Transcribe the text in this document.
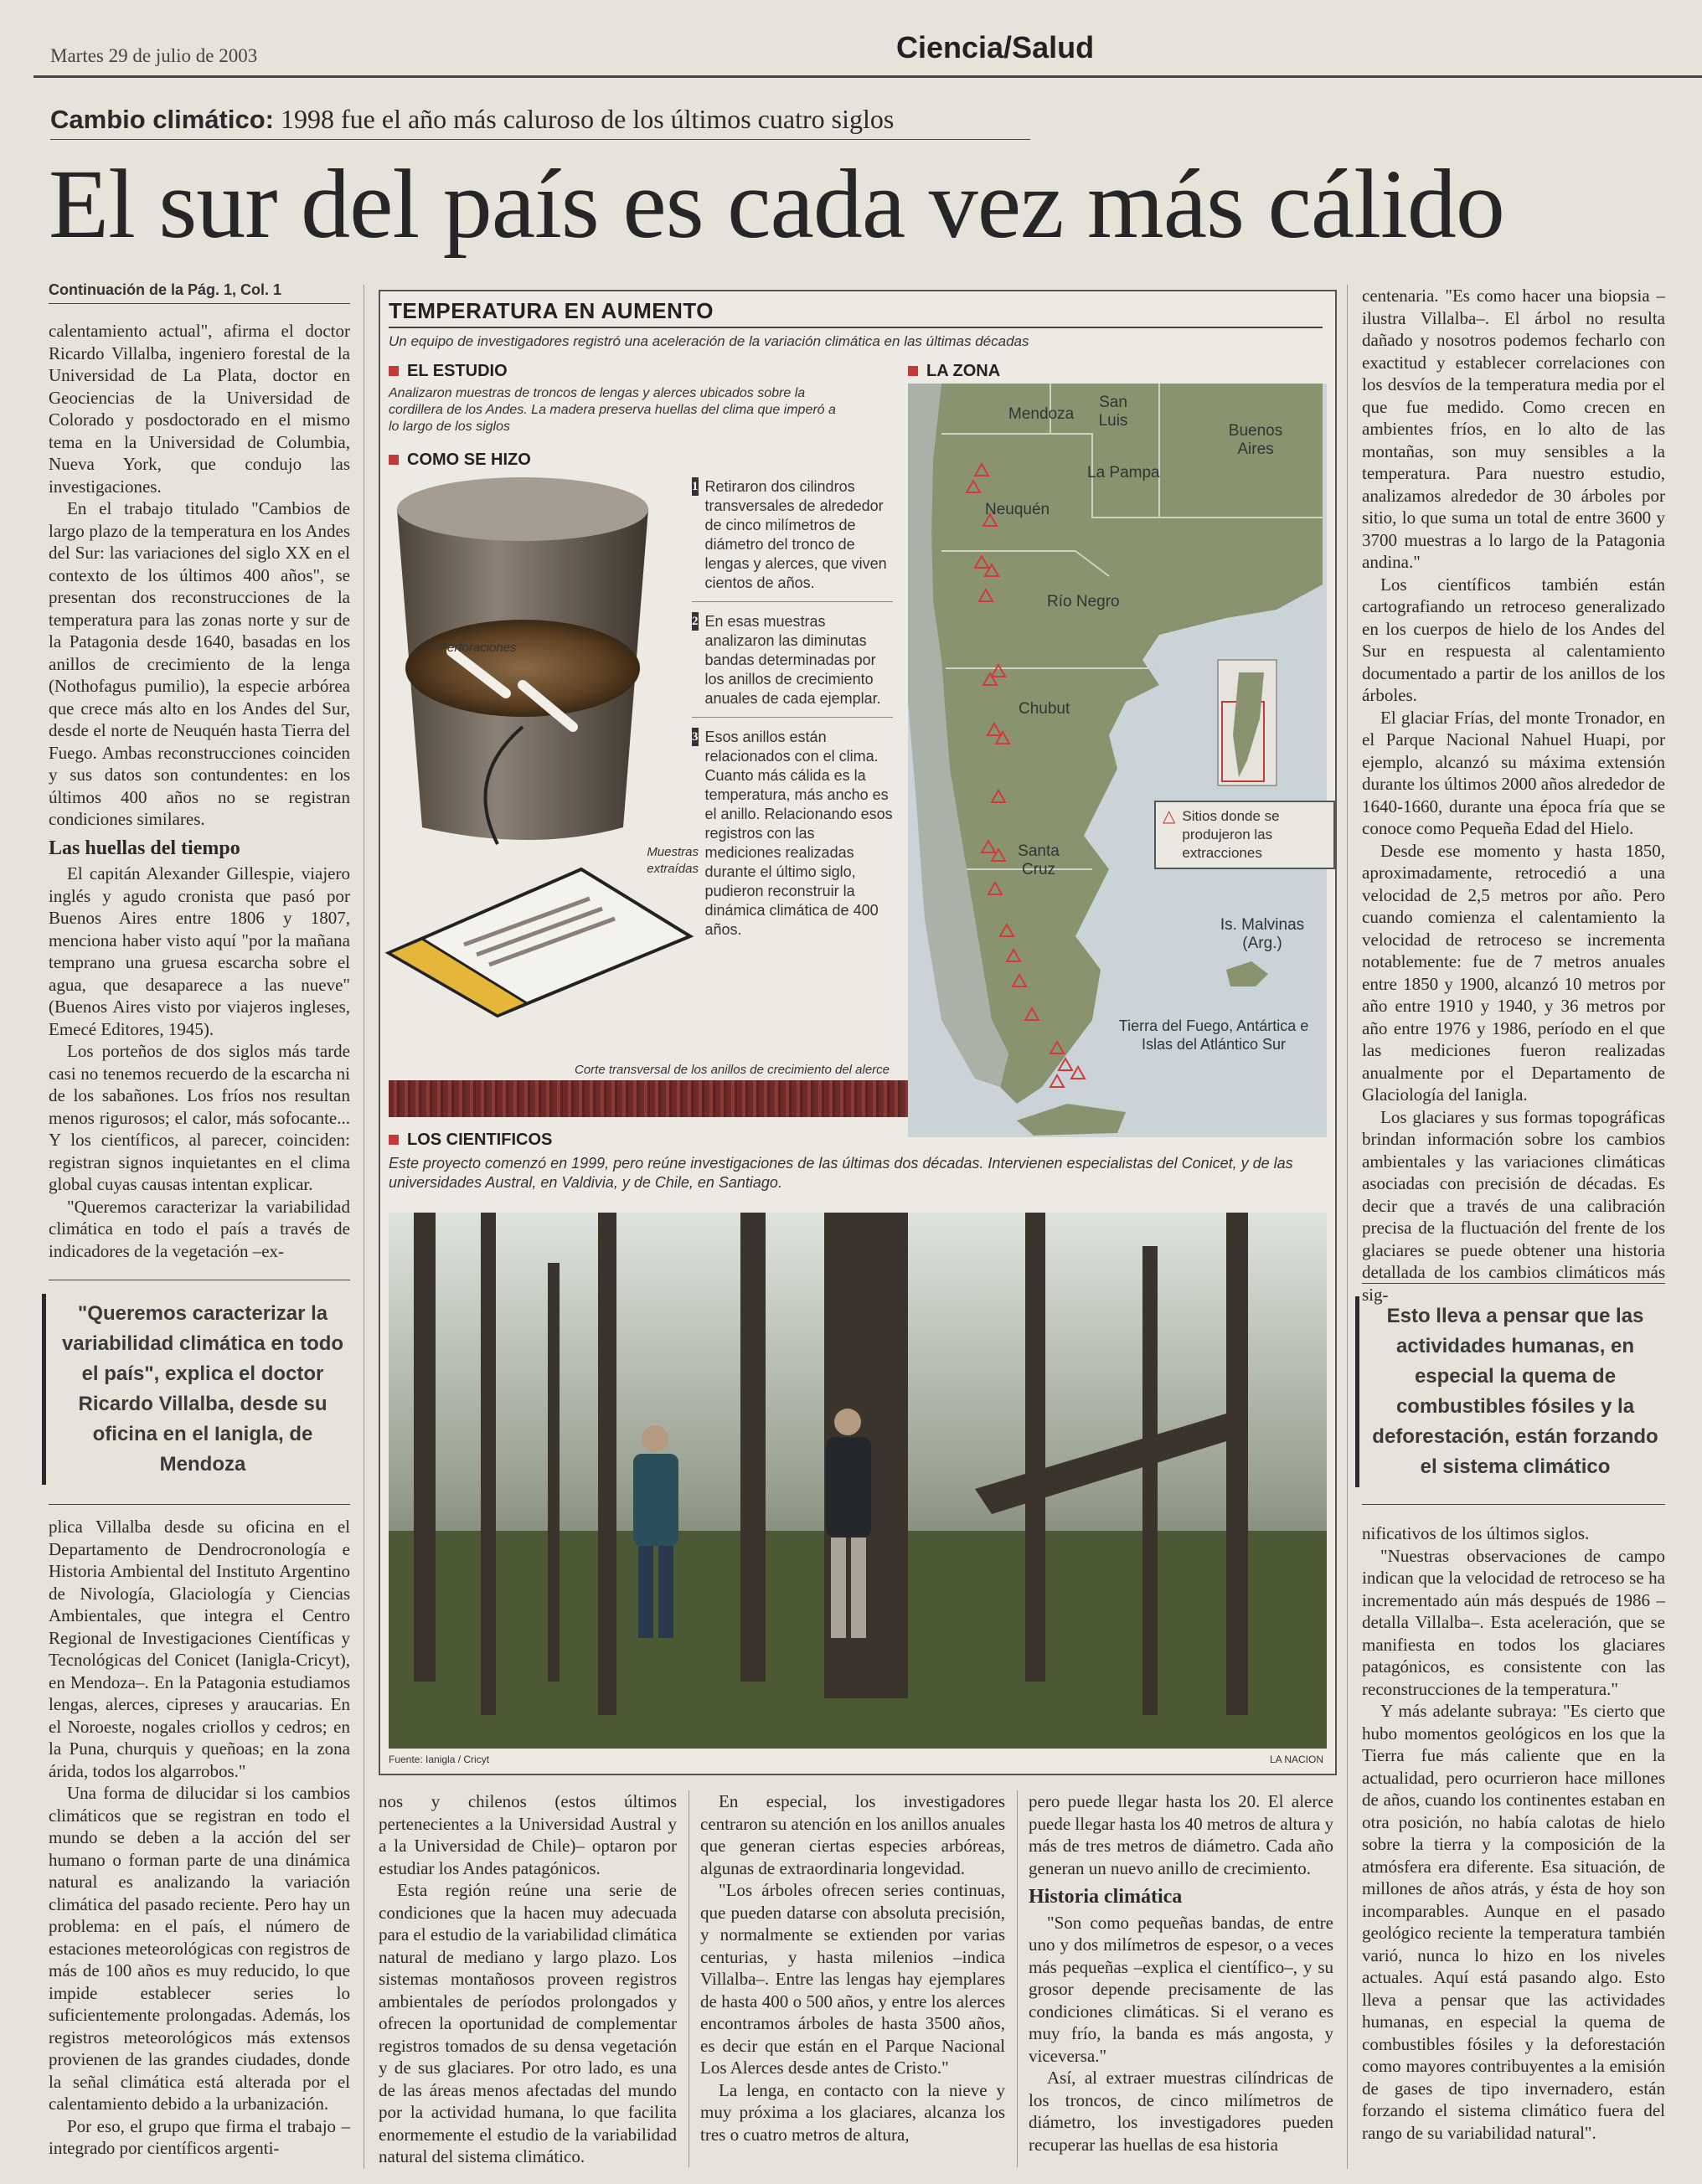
Martes 29 de julio de 2003	Ciencia/Salud
Cambio climático: 1998 fue el año más caluroso de los últimos cuatro siglos
El sur del país es cada vez más cálido
Continuación de la Pág. 1, Col. 1

calentamiento actual", afirma el doctor Ricardo Villalba, ingeniero forestal de la Universidad de La Plata, doctor en Geociencias de la Universidad de Colorado y posdoctorado en el mismo tema en la Universidad de Columbia, Nueva York, que condujo las investigaciones.

En el trabajo titulado "Cambios de largo plazo de la temperatura en los Andes del Sur: las variaciones del siglo XX en el contexto de los últimos 400 años", se presentan dos reconstrucciones de la temperatura para las zonas norte y sur de la Patagonia desde 1640, basadas en los anillos de crecimiento de la lenga (Nothofagus pumilio), la especie arbórea que crece más alto en los Andes del Sur, desde el norte de Neuquén hasta Tierra del Fuego. Ambas reconstrucciones coinciden y sus datos son contundentes: en los últimos 400 años no se registran condiciones similares.

Las huellas del tiempo

El capitán Alexander Gillespie, viajero inglés y agudo cronista que pasó por Buenos Aires entre 1806 y 1807, menciona haber visto aquí "por la mañana temprano una gruesa escarcha sobre el agua, que desaparece a las nueve" (Buenos Aires visto por viajeros ingleses, Emecé Editores, 1945).

Los porteños de dos siglos más tarde casi no tenemos recuerdo de la escarcha ni de los sabañones. Los fríos nos resultan menos rigurosos; el calor, más sofocante... Y los científicos, al parecer, coinciden: registran signos inquietantes en el clima global cuyas causas intentan explicar.

"Queremos caracterizar la variabilidad climática en todo el país a través de indicadores de la vegetación –ex-

"Queremos caracterizar la variabilidad climática en todo el país", explica el doctor Ricardo Villalba, desde su oficina en el Ianigla, de Mendoza

plica Villalba desde su oficina en el Departamento de Dendrocronología e Historia Ambiental del Instituto Argentino de Nivología, Glaciología y Ciencias Ambientales, que integra el Centro Regional de Investigaciones Científicas y Tecnológicas del Conicet (Ianigla-Cricyt), en Mendoza–. En la Patagonia estudiamos lengas, alerces, cipreses y araucarias. En el Noroeste, nogales criollos y cedros; en la Puna, churquis y queñoas; en la zona árida, todos los algarrobos."

Una forma de dilucidar si los cambios climáticos que se registran en todo el mundo se deben a la acción del ser humano o forman parte de una dinámica natural es analizando la variación climática del pasado reciente. Pero hay un problema: en el país, el número de estaciones meteorológicas con registros de más de 100 años es muy reducido, lo que impide establecer series lo suficientemente prolongadas. Además, los registros meteorológicos más extensos provienen de las grandes ciudades, donde la señal climática está alterada por el calentamiento debido a la urbanización.

Por eso, el grupo que firma el trabajo –integrado por científicos argenti-

TEMPERATURA EN AUMENTO
Un equipo de investigadores registró una aceleración de la variación climática en las últimas décadas
EL ESTUDIO
Analizaron muestras de troncos de lengas y alerces ubicados sobre la cordillera de los Andes. La madera preserva huellas del clima que imperó a lo largo de los siglos
COMO SE HIZO
Perforaciones
Muestras extraídas
Corte transversal de los anillos de crecimiento del alerce
1 Retiraron dos cilindros transversales de alrededor de cinco milímetros de diámetro del tronco de lengas y alerces, que viven cientos de años.
2 En esas muestras analizaron las diminutas bandas determinadas por los anillos de crecimiento anuales de cada ejemplar.
3 Esos anillos están relacionados con el clima. Cuanto más cálida es la temperatura, más ancho es el anillo. Relacionando esos registros con las mediciones realizadas durante el último siglo, pudieron reconstruir la dinámica climática de 400 años.
LA ZONA
Mendoza
San Luis
Buenos Aires
La Pampa
Neuquén
Río Negro
Chubut
Santa Cruz
Is. Malvinas (Arg.)
Tierra del Fuego, Antártica e Islas del Atlántico Sur
△ Sitios donde se produjeron las extracciones
LOS CIENTIFICOS
Este proyecto comenzó en 1999, pero reúne investigaciones de las últimas dos décadas. Intervienen especialistas del Conicet, y de las universidades Austral, en Valdivia, y de Chile, en Santiago.
Fuente: Ianigla / Cricyt	LA NACION

centenaria. "Es como hacer una biopsia –ilustra Villalba–. El árbol no resulta dañado y nosotros podemos fecharlo con exactitud y establecer correlaciones con los desvíos de la temperatura media por el que fue medido. Como crecen en ambientes fríos, en lo alto de las montañas, son muy sensibles a la temperatura. Para nuestro estudio, analizamos alrededor de 30 árboles por sitio, lo que suma un total de entre 3600 y 3700 muestras a lo largo de la Patagonia andina."

Los científicos también están cartografiando un retroceso generalizado en los cuerpos de hielo de los Andes del Sur en respuesta al calentamiento documentado a partir de los anillos de los árboles.

El glaciar Frías, del monte Tronador, en el Parque Nacional Nahuel Huapi, por ejemplo, alcanzó su máxima extensión durante los últimos 2000 años alrededor de 1640-1660, durante una época fría que se conoce como Pequeña Edad del Hielo.

Desde ese momento y hasta 1850, aproximadamente, retrocedió a una velocidad de 2,5 metros por año. Pero cuando comienza el calentamiento la velocidad de retroceso se incrementa notablemente: fue de 7 metros anuales entre 1850 y 1900, alcanzó 10 metros por año entre 1910 y 1940, y 36 metros por año entre 1976 y 1986, período en el que las mediciones fueron realizadas anualmente por el Departamento de Glaciología del Ianigla.

Los glaciares y sus formas topográficas brindan información sobre los cambios ambientales y las variaciones climáticas asociadas con precisión de décadas. Es decir que a través de una calibración precisa de la fluctuación del frente de los glaciares se puede obtener una historia detallada de los cambios climáticos más sig-

Esto lleva a pensar que las actividades humanas, en especial la quema de combustibles fósiles y la deforestación, están forzando el sistema climático

nificativos de los últimos siglos.

"Nuestras observaciones de campo indican que la velocidad de retroceso se ha incrementado aún más después de 1986 –detalla Villalba–. Esta aceleración, que se manifiesta en todos los glaciares patagónicos, es consistente con las reconstrucciones de la temperatura."

Y más adelante subraya: "Es cierto que hubo momentos geológicos en los que la Tierra fue más caliente que en la actualidad, pero ocurrieron hace millones de años, cuando los continentes estaban en otra posición, no había calotas de hielo sobre la tierra y la composición de la atmósfera era diferente. Esa situación, de millones de años atrás, y ésta de hoy son incomparables. Aunque en el pasado geológico reciente la temperatura también varió, nunca lo hizo en los niveles actuales. Aquí está pasando algo. Esto lleva a pensar que las actividades humanas, en especial la quema de combustibles fósiles y la deforestación como mayores contribuyentes a la emisión de gases de tipo invernadero, están forzando el sistema climático fuera del rango de su variabilidad natural".

nos y chilenos (estos últimos pertenecientes a la Universidad Austral y a la Universidad de Chile)– optaron por estudiar los Andes patagónicos.

Esta región reúne una serie de condiciones que la hacen muy adecuada para el estudio de la variabilidad climática natural de mediano y largo plazo. Los sistemas montañosos proveen registros ambientales de períodos prolongados y ofrecen la oportunidad de complementar registros tomados de su densa vegetación y de sus glaciares. Por otro lado, es una de las áreas menos afectadas del mundo por la actividad humana, lo que facilita enormemente el estudio de la variabilidad natural del sistema climático.

En especial, los investigadores centraron su atención en los anillos anuales que generan ciertas especies arbóreas, algunas de extraordinaria longevidad.

"Los árboles ofrecen series continuas, que pueden datarse con absoluta precisión, y normalmente se extienden por varias centurias, y hasta milenios –indica Villalba–. Entre las lengas hay ejemplares de hasta 400 o 500 años, y entre los alerces encontramos árboles de hasta 3500 años, es decir que están en el Parque Nacional Los Alerces desde antes de Cristo."

La lenga, en contacto con la nieve y muy próxima a los glaciares, alcanza los tres o cuatro metros de altura,

pero puede llegar hasta los 20. El alerce puede llegar hasta los 40 metros de altura y más de tres metros de diámetro. Cada año generan un nuevo anillo de crecimiento.

Historia climática

"Son como pequeñas bandas, de entre uno y dos milímetros de espesor, o a veces más pequeñas –explica el científico–, y su grosor depende precisamente de las condiciones climáticas. Si el verano es muy frío, la banda es más angosta, y viceversa."

Así, al extraer muestras cilíndricas de los troncos, de cinco milímetros de diámetro, los investigadores pueden recuperar las huellas de esa historia
